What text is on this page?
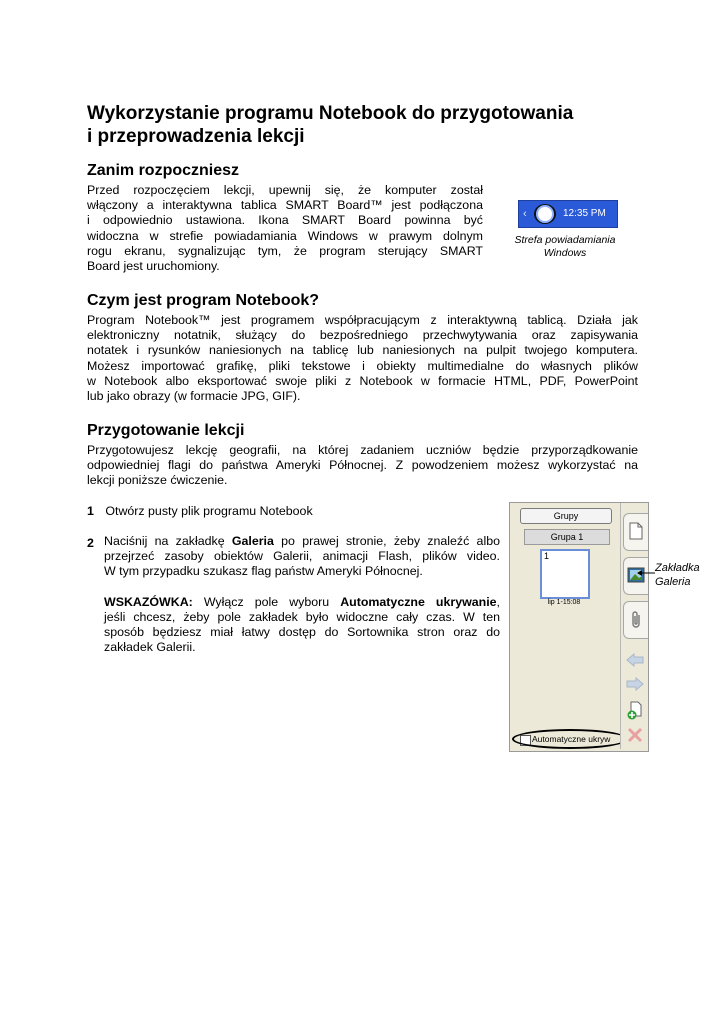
Wykorzystanie programu Notebook do przygotowania
i przeprowadzenia lekcji
Zanim rozpoczniesz

Przed rozpoczęciem lekcji, upewnij się, że komputer został

włączony a interaktywna tablica SMART Board™ jest podłączona

i odpowiednio ustawiona. Ikona SMART Board powinna być

widoczna w strefie powiadamiania Windows w prawym dolnym

rogu ekranu, sygnalizując tym, że program sterujący SMART

Board jest uruchomiony.

‹	12:35 PM
Strefa powiadamiania
Windows
Czym jest program Notebook?

Program Notebook™ jest programem współpracującym z interaktywną tablicą. Działa jak

elektroniczny notatnik, służący do bezpośredniego przechwytywania oraz zapisywania

notatek i rysunków naniesionych na tablicę lub naniesionych na pulpit twojego komputera.

Możesz importować grafikę, pliki tekstowe i obiekty multimedialne do własnych plików

w Notebook albo eksportować swoje pliki z Notebook w formacie HTML, PDF, PowerPoint

lub jako obrazy (w formacie JPG, GIF).

Przygotowanie lekcji

Przygotowujesz lekcję geografii, na której zadaniem uczniów będzie przyporządkowanie

odpowiedniej flagi do państwa Ameryki Północnej. Z powodzeniem możesz wykorzystać na

lekcji poniższe ćwiczenie.

1 Otwórz pusty plik programu Notebook

2 Naciśnij na zakładkę Galeria po prawej stronie, żeby znaleźć albo

przejrzeć zasoby obiektów Galerii, animacji Flash, plików video.

W tym przypadku szukasz flag państw Ameryki Północnej.

WSKAZÓWKA: Wyłącz pole wyboru Automatyczne ukrywanie,

jeśli chcesz, żeby pole zakładek było widoczne cały czas. W ten

sposób będziesz miał łatwy dostęp do Sortownika stron oraz do

zakładek Galerii.

Grupy
Grupa 1
1
lip 1-15:08
Automatyczne ukryw
Zakładka
Galeria
